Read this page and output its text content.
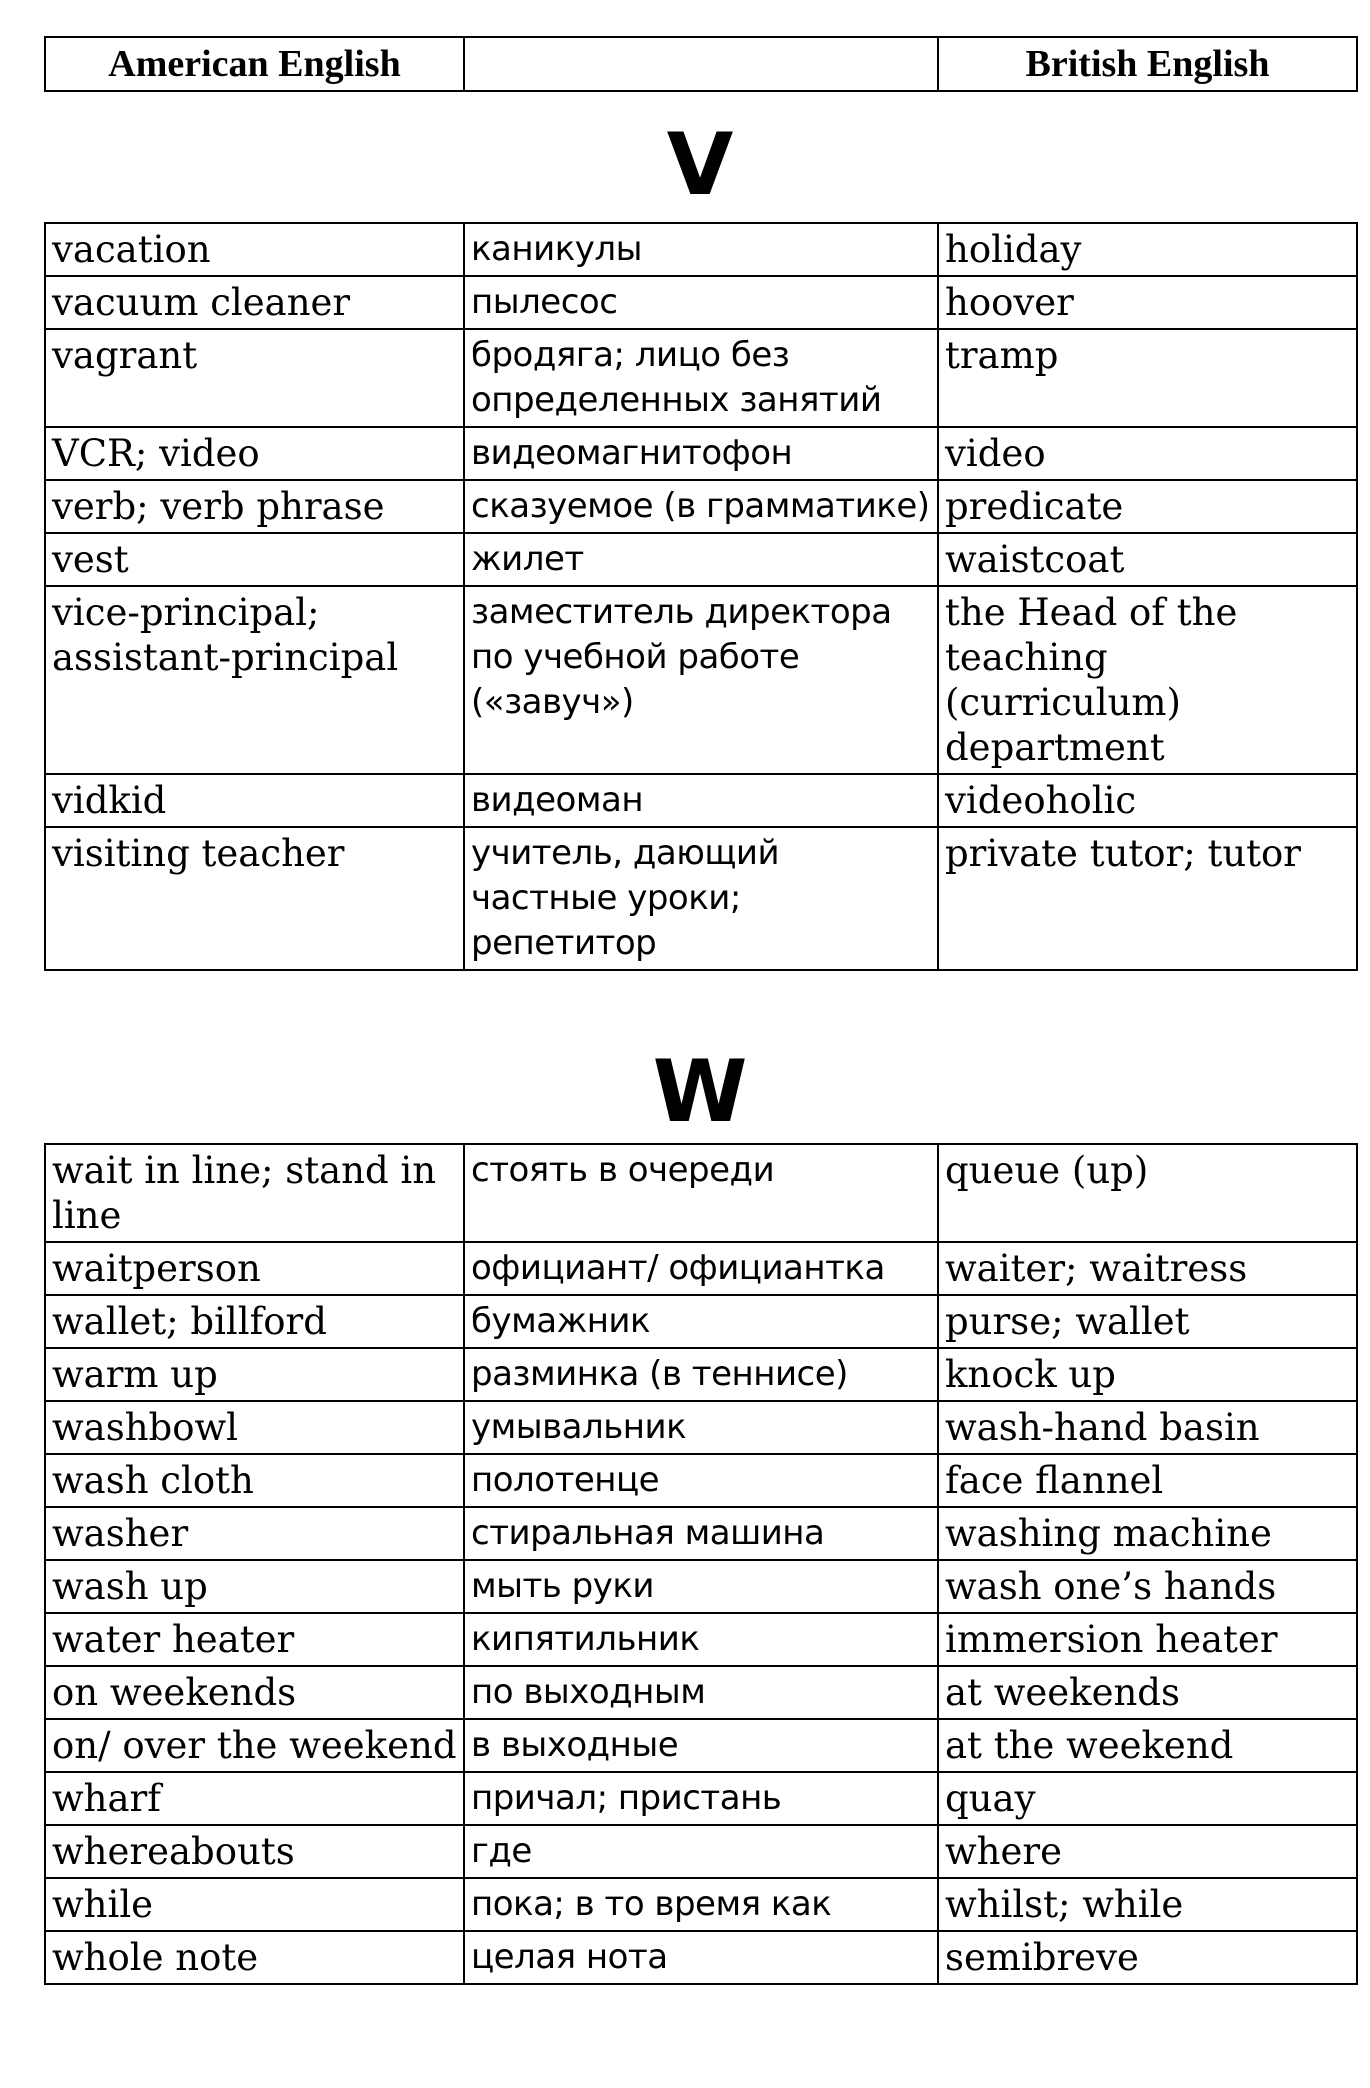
American English		British English
V
vacation	каникулы	holiday
vacuum cleaner	пылесос	hoover
vagrant	бродяга; лицо без определенных занятий	tramp
VCR; video	видеомагнитофон	video
verb; verb phrase	сказуемое (в грамматике)	predicate
vest	жилет	waistcoat
vice-principal; assistant-principal	заместитель директора по учебной работе («завуч»)	the Head of the teaching (curriculum) department
vidkid	видеоман	videoholic
visiting teacher	учитель, дающий частные уроки; репетитор	private tutor; tutor
W
wait in line; stand in line	стоять в очереди	queue (up)
waitperson	официант/ официантка	waiter; waitress
wallet; billford	бумажник	purse; wallet
warm up	разминка (в теннисе)	knock up
washbowl	умывальник	wash-hand basin
wash cloth	полотенце	face flannel
washer	стиральная машина	washing machine
wash up	мыть руки	wash one’s hands
water heater	кипятильник	immersion heater
on weekends	по выходным	at weekends
on/ over the weekend	в выходные	at the weekend
wharf	причал; пристань	quay
whereabouts	где	where
while	пока; в то время как	whilst; while
whole note	целая нота	semibreve
